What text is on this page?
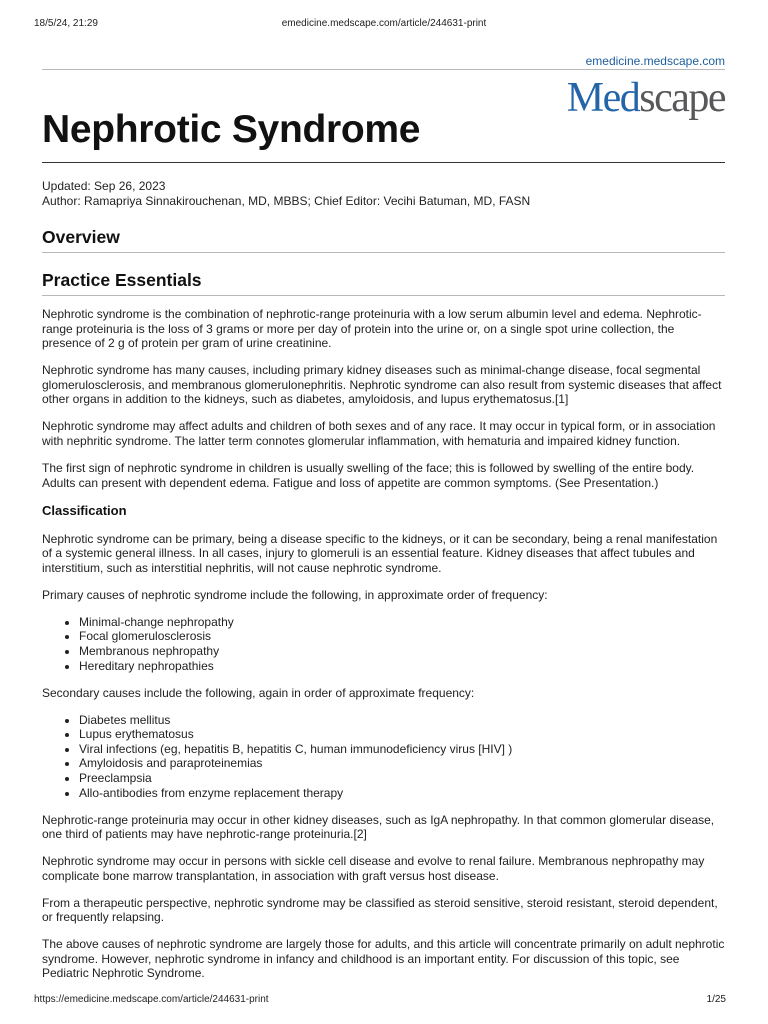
18/5/24, 21:29	emedicine.medscape.com/article/244631-print
emedicine.medscape.com
Medscape
Nephrotic Syndrome
Updated: Sep 26, 2023
Author: Ramapriya Sinnakirouchenan, MD, MBBS; Chief Editor: Vecihi Batuman, MD, FASN
Overview
Practice Essentials

Nephrotic syndrome is the combination of nephrotic-range proteinuria with a low serum albumin level and edema. Nephrotic-range proteinuria is the loss of 3 grams or more per day of protein into the urine or, on a single spot urine collection, the presence of 2 g of protein per gram of urine creatinine.

Nephrotic syndrome has many causes, including primary kidney diseases such as minimal-change disease, focal segmental glomerulosclerosis, and membranous glomerulonephritis. Nephrotic syndrome can also result from systemic diseases that affect other organs in addition to the kidneys, such as diabetes, amyloidosis, and lupus erythematosus.[1]

Nephrotic syndrome may affect adults and children of both sexes and of any race. It may occur in typical form, or in association with nephritic syndrome. The latter term connotes glomerular inflammation, with hematuria and impaired kidney function.

The first sign of nephrotic syndrome in children is usually swelling of the face; this is followed by swelling of the entire body. Adults can present with dependent edema. Fatigue and loss of appetite are common symptoms. (See Presentation.)

Classification

Nephrotic syndrome can be primary, being a disease specific to the kidneys, or it can be secondary, being a renal manifestation of a systemic general illness. In all cases, injury to glomeruli is an essential feature. Kidney diseases that affect tubules and interstitium, such as interstitial nephritis, will not cause nephrotic syndrome.

Primary causes of nephrotic syndrome include the following, in approximate order of frequency:

• Minimal-change nephropathy
• Focal glomerulosclerosis
• Membranous nephropathy
• Hereditary nephropathies

Secondary causes include the following, again in order of approximate frequency:

• Diabetes mellitus
• Lupus erythematosus
• Viral infections (eg, hepatitis B, hepatitis C, human immunodeficiency virus [HIV] )
• Amyloidosis and paraproteinemias
• Preeclampsia
• Allo-antibodies from enzyme replacement therapy

Nephrotic-range proteinuria may occur in other kidney diseases, such as IgA nephropathy. In that common glomerular disease, one third of patients may have nephrotic-range proteinuria.[2]

Nephrotic syndrome may occur in persons with sickle cell disease and evolve to renal failure. Membranous nephropathy may complicate bone marrow transplantation, in association with graft versus host disease.

From a therapeutic perspective, nephrotic syndrome may be classified as steroid sensitive, steroid resistant, steroid dependent, or frequently relapsing.

The above causes of nephrotic syndrome are largely those for adults, and this article will concentrate primarily on adult nephrotic syndrome. However, nephrotic syndrome in infancy and childhood is an important entity. For discussion of this topic, see Pediatric Nephrotic Syndrome.

https://emedicine.medscape.com/article/244631-print	1/25
